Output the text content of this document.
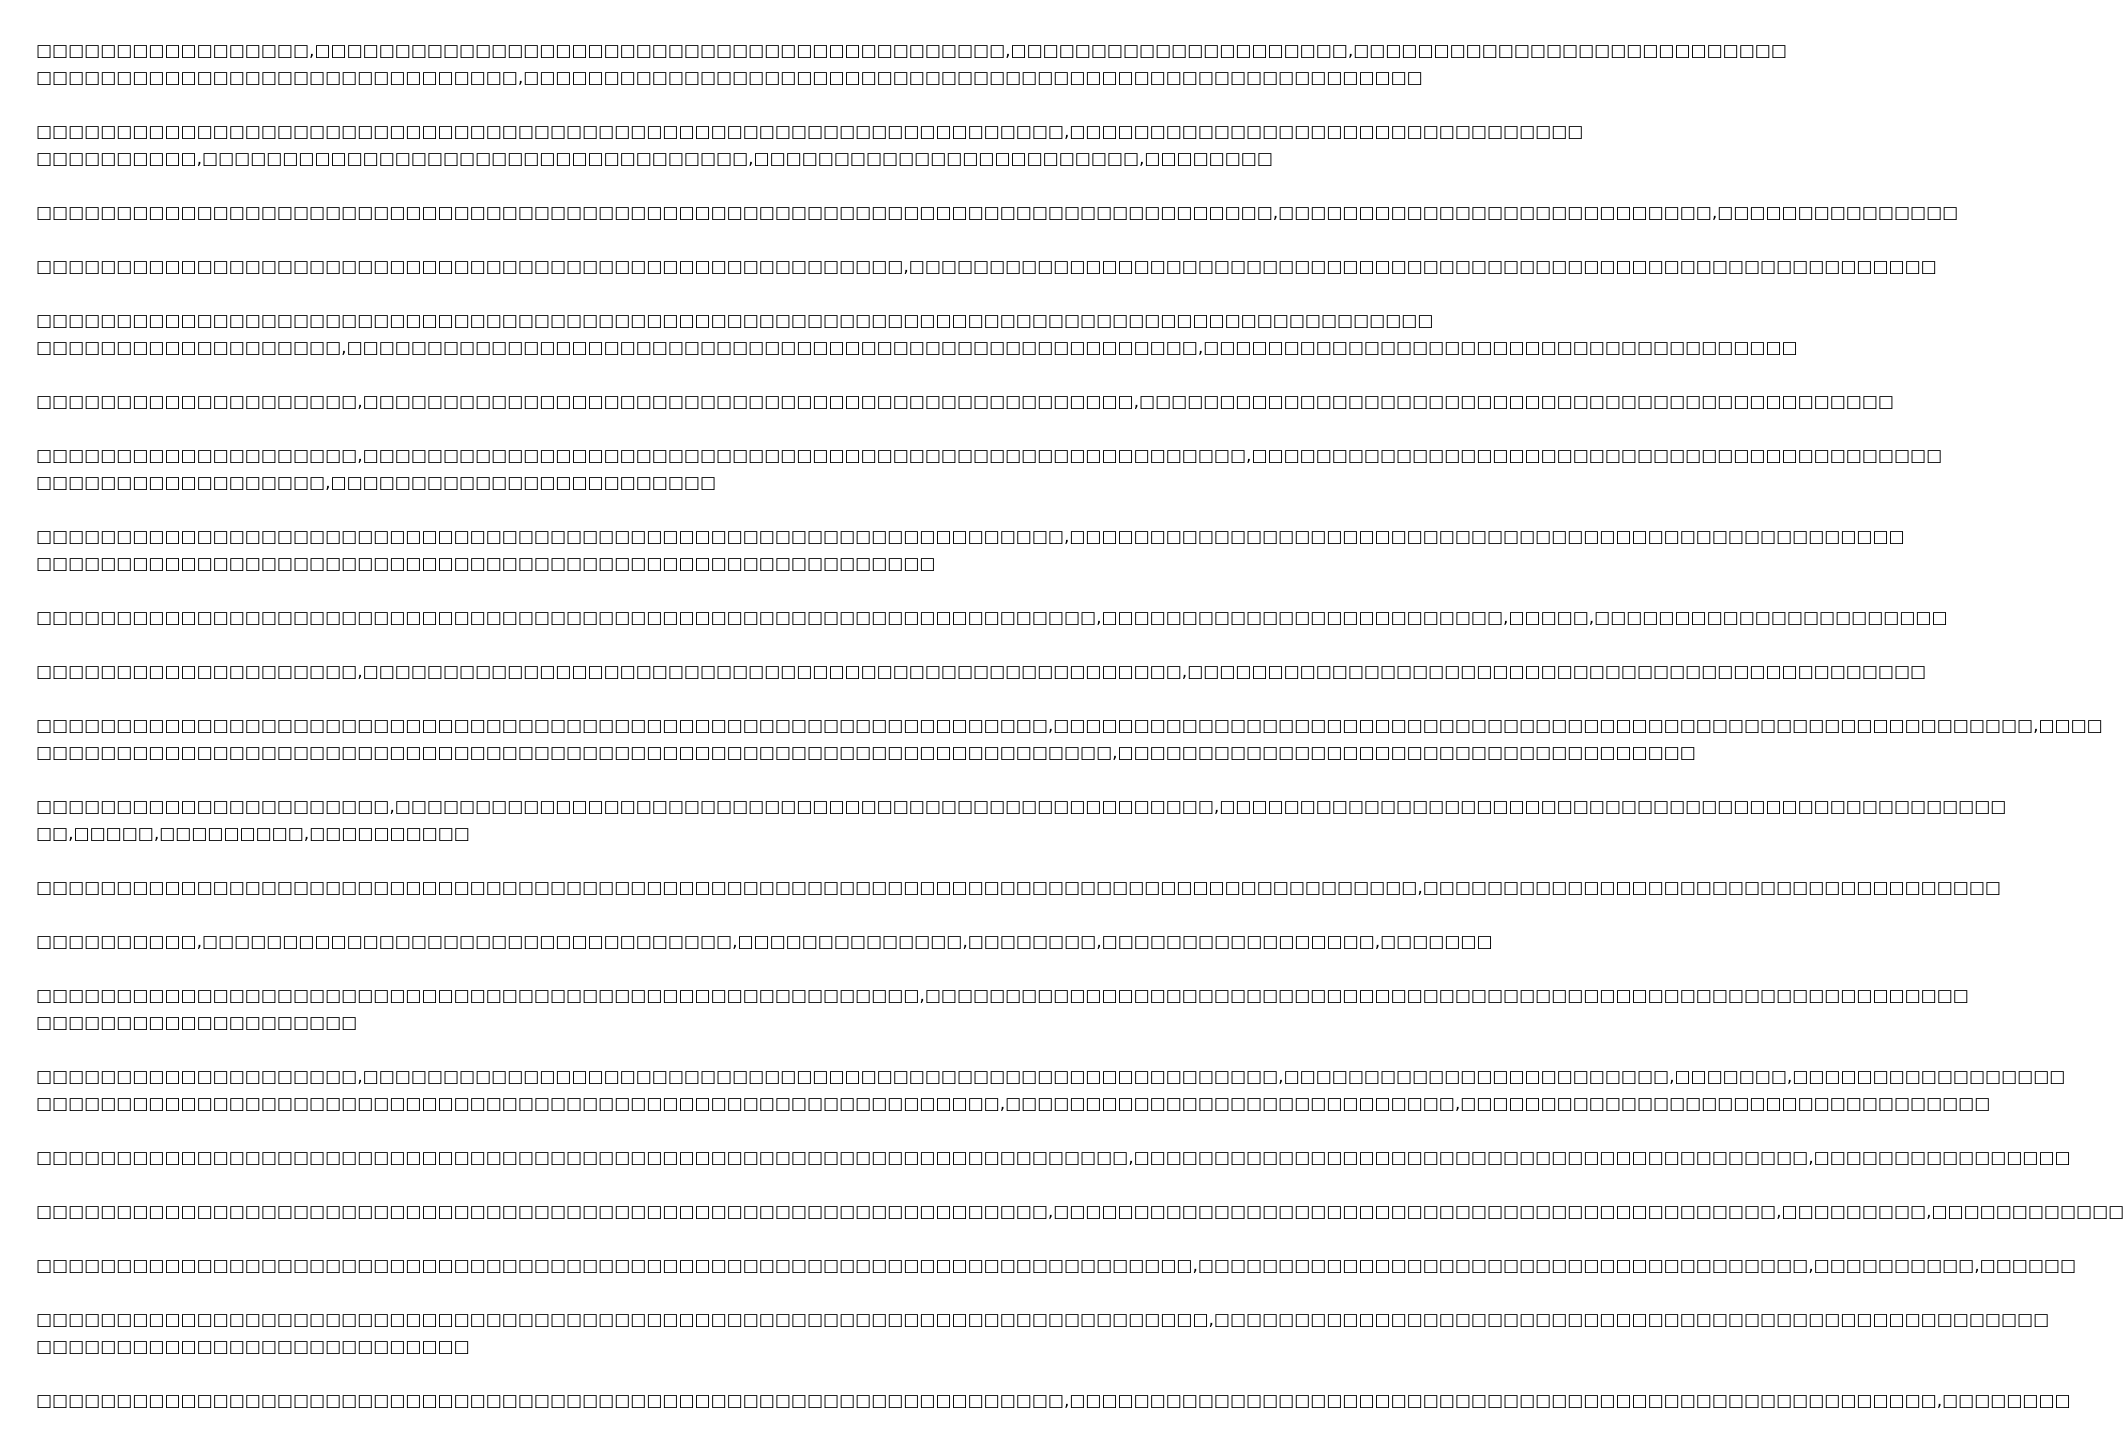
□□□□□□□□□□□□□□□□□,□□□□□□□□□□□□□□□□□□□□□□□□□□□□□□□□□□□□□□□□□□□,□□□□□□□□□□□□□□□□□□□□□,□□□□□□□□□□□□□□□□□□□□□□□□□□□
□□□□□□□□□□□□□□□□□□□□□□□□□□□□□□,□□□□□□□□□□□□□□□□□□□□□□□□□□□□□□□□□□□□□□□□□□□□□□□□□□□□□□□□
□□□□□□□□□□□□□□□□□□□□□□□□□□□□□□□□□□□□□□□□□□□□□□□□□□□□□□□□□□□□□□□□,□□□□□□□□□□□□□□□□□□□□□□□□□□□□□□□□
□□□□□□□□□□,□□□□□□□□□□□□□□□□□□□□□□□□□□□□□□□□□□,□□□□□□□□□□□□□□□□□□□□□□□□,□□□□□□□□
□□□□□□□□□□□□□□□□□□□□□□□□□□□□□□□□□□□□□□□□□□□□□□□□□□□□□□□□□□□□□□□□□□□□□□□□□□□□□,□□□□□□□□□□□□□□□□□□□□□□□□□□□,□□□□□□□□□□□□□□□
□□□□□□□□□□□□□□□□□□□□□□□□□□□□□□□□□□□□□□□□□□□□□□□□□□□□□□,□□□□□□□□□□□□□□□□□□□□□□□□□□□□□□□□□□□□□□□□□□□□□□□□□□□□□□□□□□□□□□□□
□□□□□□□□□□□□□□□□□□□□□□□□□□□□□□□□□□□□□□□□□□□□□□□□□□□□□□□□□□□□□□□□□□□□□□□□□□□□□□□□□□□□□□□
□□□□□□□□□□□□□□□□□□□,□□□□□□□□□□□□□□□□□□□□□□□□□□□□□□□□□□□□□□□□□□□□□□□□□□□□□,□□□□□□□□□□□□□□□□□□□□□□□□□□□□□□□□□□□□□
□□□□□□□□□□□□□□□□□□□□,□□□□□□□□□□□□□□□□□□□□□□□□□□□□□□□□□□□□□□□□□□□□□□□□,□□□□□□□□□□□□□□□□□□□□□□□□□□□□□□□□□□□□□□□□□□□□□□□
□□□□□□□□□□□□□□□□□□□□,□□□□□□□□□□□□□□□□□□□□□□□□□□□□□□□□□□□□□□□□□□□□□□□□□□□□□□□,□□□□□□□□□□□□□□□□□□□□□□□□□□□□□□□□□□□□□□□□□□□
□□□□□□□□□□□□□□□□□□,□□□□□□□□□□□□□□□□□□□□□□□□
□□□□□□□□□□□□□□□□□□□□□□□□□□□□□□□□□□□□□□□□□□□□□□□□□□□□□□□□□□□□□□□□,□□□□□□□□□□□□□□□□□□□□□□□□□□□□□□□□□□□□□□□□□□□□□□□□□□□□
□□□□□□□□□□□□□□□□□□□□□□□□□□□□□□□□□□□□□□□□□□□□□□□□□□□□□□□□
□□□□□□□□□□□□□□□□□□□□□□□□□□□□□□□□□□□□□□□□□□□□□□□□□□□□□□□□□□□□□□□□□□,□□□□□□□□□□□□□□□□□□□□□□□□□,□□□□□,□□□□□□□□□□□□□□□□□□□□□□
□□□□□□□□□□□□□□□□□□□□,□□□□□□□□□□□□□□□□□□□□□□□□□□□□□□□□□□□□□□□□□□□□□□□□□□□,□□□□□□□□□□□□□□□□□□□□□□□□□□□□□□□□□□□□□□□□□□□□□□
□□□□□□□□□□□□□□□□□□□□□□□□□□□□□□□□□□□□□□□□□□□□□□□□□□□□□□□□□□□□□□□,□□□□□□□□□□□□□□□□□□□□□□□□□□□□□□□□□□□□□□□□□□□□□□□□□□□□□□□□□□□□□,□□□□
□□□□□□□□□□□□□□□□□□□□□□□□□□□□□□□□□□□□□□□□□□□□□□□□□□□□□□□□□□□□□□□□□□□,□□□□□□□□□□□□□□□□□□□□□□□□□□□□□□□□□□□□
□□□□□□□□□□□□□□□□□□□□□□,□□□□□□□□□□□□□□□□□□□□□□□□□□□□□□□□□□□□□□□□□□□□□□□□□□□,□□□□□□□□□□□□□□□□□□□□□□□□□□□□□□□□□□□□□□□□□□□□□□□□□
□□,□□□□□,□□□□□□□□□,□□□□□□□□□□
□□□□□□□□□□□□□□□□□□□□□□□□□□□□□□□□□□□□□□□□□□□□□□□□□□□□□□□□□□□□□□□□□□□□□□□□□□□□□□□□□□□□□□,□□□□□□□□□□□□□□□□□□□□□□□□□□□□□□□□□□□□
□□□□□□□□□□,□□□□□□□□□□□□□□□□□□□□□□□□□□□□□□□□□,□□□□□□□□□□□□□□,□□□□□□□□,□□□□□□□□□□□□□□□□□,□□□□□□□
□□□□□□□□□□□□□□□□□□□□□□□□□□□□□□□□□□□□□□□□□□□□□□□□□□□□□□□,□□□□□□□□□□□□□□□□□□□□□□□□□□□□□□□□□□□□□□□□□□□□□□□□□□□□□□□□□□□□□□□□□
□□□□□□□□□□□□□□□□□□□□
□□□□□□□□□□□□□□□□□□□□,□□□□□□□□□□□□□□□□□□□□□□□□□□□□□□□□□□□□□□□□□□□□□□□□□□□□□□□□□,□□□□□□□□□□□□□□□□□□□□□□□□,□□□□□□□,□□□□□□□□□□□□□□□□□
□□□□□□□□□□□□□□□□□□□□□□□□□□□□□□□□□□□□□□□□□□□□□□□□□□□□□□□□□□□□,□□□□□□□□□□□□□□□□□□□□□□□□□□□□,□□□□□□□□□□□□□□□□□□□□□□□□□□□□□□□□□
□□□□□□□□□□□□□□□□□□□□□□□□□□□□□□□□□□□□□□□□□□□□□□□□□□□□□□□□□□□□□□□□□□□□,□□□□□□□□□□□□□□□□□□□□□□□□□□□□□□□□□□□□□□□□□□,□□□□□□□□□□□□□□□□
□□□□□□□□□□□□□□□□□□□□□□□□□□□□□□□□□□□□□□□□□□□□□□□□□□□□□□□□□□□□□□□,□□□□□□□□□□□□□□□□□□□□□□□□□□□□□□□□□□□□□□□□□□□□□,□□□□□□□□□,□□□□□□□□□□□□
□□□□□□□□□□□□□□□□□□□□□□□□□□□□□□□□□□□□□□□□□□□□□□□□□□□□□□□□□□□□□□□□□□□□□□□□,□□□□□□□□□□□□□□□□□□□□□□□□□□□□□□□□□□□□□□,□□□□□□□□□□,□□□□□□
□□□□□□□□□□□□□□□□□□□□□□□□□□□□□□□□□□□□□□□□□□□□□□□□□□□□□□□□□□□□□□□□□□□□□□□□□,□□□□□□□□□□□□□□□□□□□□□□□□□□□□□□□□□□□□□□□□□□□□□□□□□□□□
□□□□□□□□□□□□□□□□□□□□□□□□□□□
□□□□□□□□□□□□□□□□□□□□□□□□□□□□□□□□□□□□□□□□□□□□□□□□□□□□□□□□□□□□□□□□,□□□□□□□□□□□□□□□□□□□□□□□□□□□□□□□□□□□□□□□□□□□□□□□□□□□□□□,□□□□□□□□
